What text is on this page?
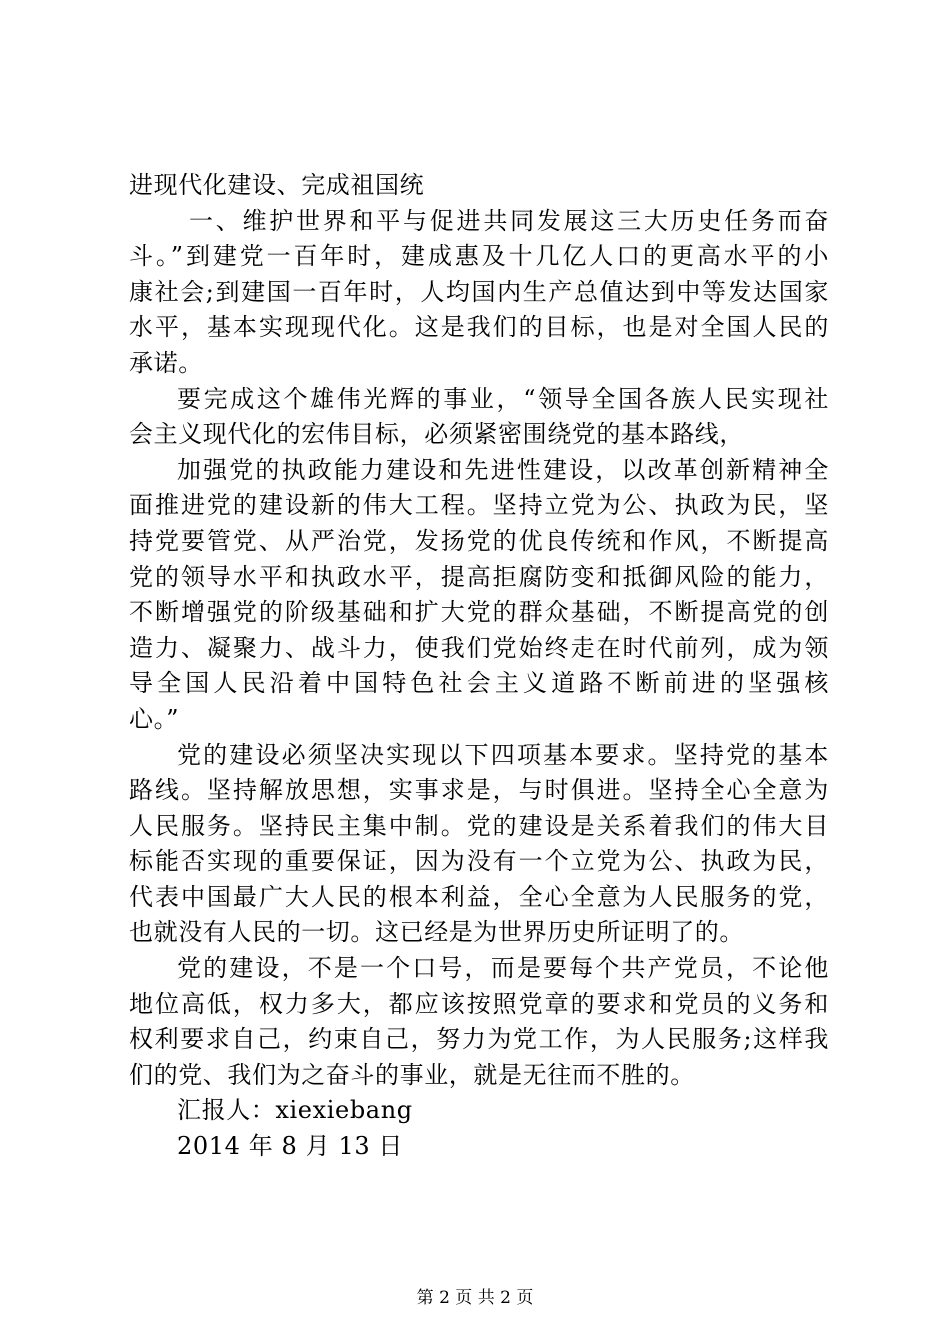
进现代化建设、完成祖国统
一、维护世界和平与促进共同发展这三大历史任务而奋
斗。”到建党一百年时，建成惠及十几亿人口的更高水平的小
康社会;到建国一百年时，人均国内生产总值达到中等发达国家
水平，基本实现现代化。这是我们的目标，也是对全国人民的
承诺。
要完成这个雄伟光辉的事业，“领导全国各族人民实现社
会主义现代化的宏伟目标，必须紧密围绕党的基本路线，
加强党的执政能力建设和先进性建设，以改革创新精神全
面推进党的建设新的伟大工程。坚持立党为公、执政为民，坚
持党要管党、从严治党，发扬党的优良传统和作风，不断提高
党的领导水平和执政水平，提高拒腐防变和抵御风险的能力，
不断增强党的阶级基础和扩大党的群众基础，不断提高党的创
造力、凝聚力、战斗力，使我们党始终走在时代前列，成为领
导全国人民沿着中国特色社会主义道路不断前进的坚强核
心。”
党的建设必须坚决实现以下四项基本要求。坚持党的基本
路线。坚持解放思想，实事求是，与时俱进。坚持全心全意为
人民服务。坚持民主集中制。党的建设是关系着我们的伟大目
标能否实现的重要保证，因为没有一个立党为公、执政为民，
代表中国最广大人民的根本利益，全心全意为人民服务的党，
也就没有人民的一切。这已经是为世界历史所证明了的。
党的建设，不是一个口号，而是要每个共产党员，不论他
地位高低，权力多大，都应该按照党章的要求和党员的义务和
权利要求自己，约束自己，努力为党工作，为人民服务;这样我
们的党、我们为之奋斗的事业，就是无往而不胜的。
汇报人：xiexiebang
2014 年 8 月 13 日
第 2 页 共 2 页
